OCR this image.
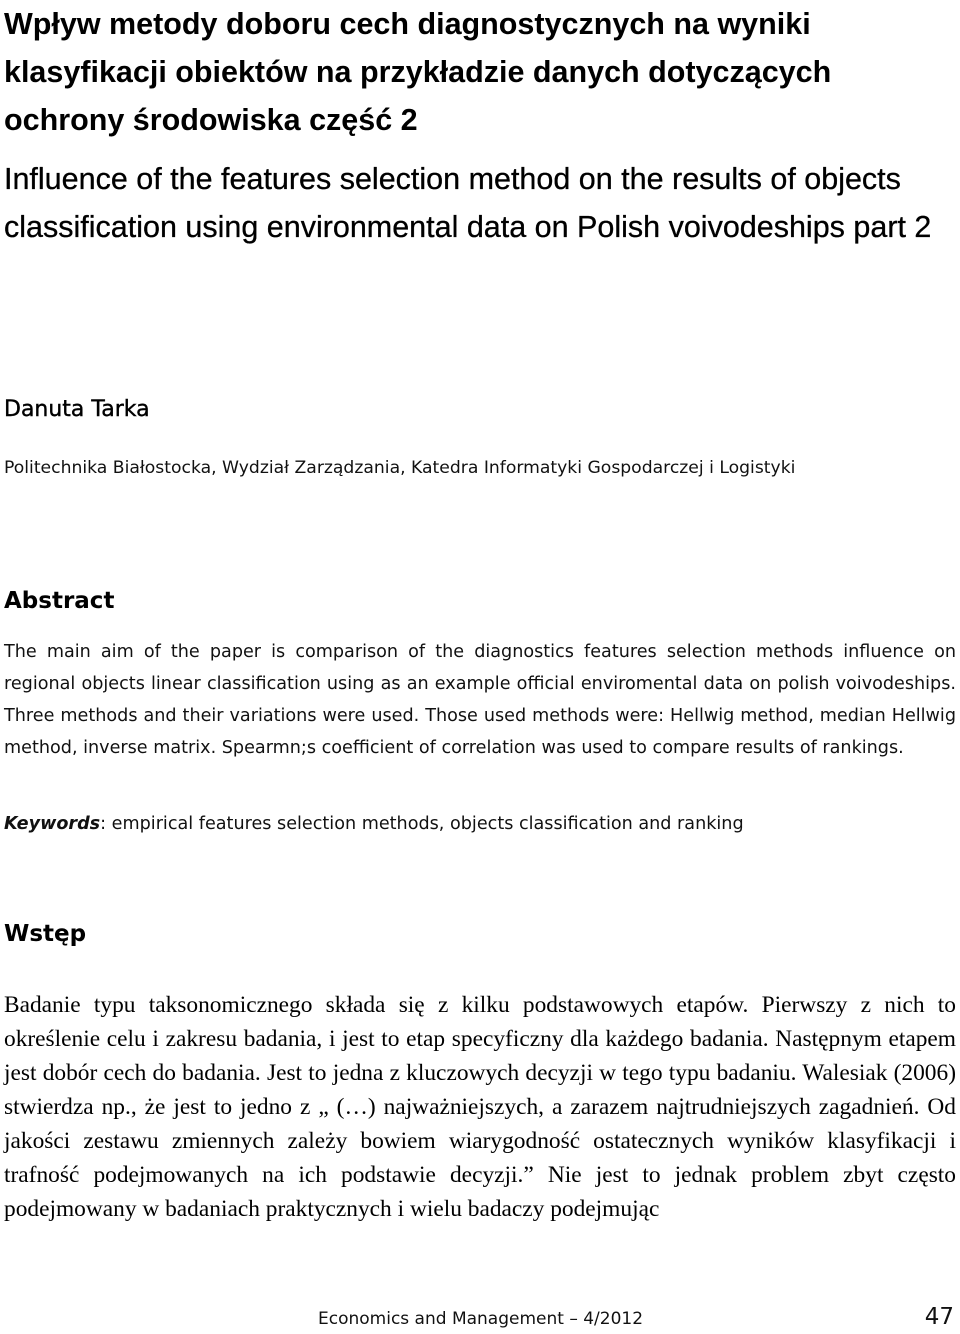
Wpływ metody doboru cech diagnostycznych na wyniki klasyfikacji obiektów na przykładzie danych dotyczących ochrony środowiska część 2
Influence of the features selection method on the results of objects classification using environmental data on Polish voivodeships part 2

Danuta Tarka

Politechnika Białostocka, Wydział Zarządzania, Katedra Informatyki Gospodarczej i Logistyki

Abstract

The main aim of the paper is comparison of the diagnostics features selection methods influence on regional objects linear classification using as an example official enviromental data on polish voivodeships. Three methods and their variations were used. Those used methods were: Hellwig method, median Hellwig method, inverse matrix. Spearmn;s coefficient of correlation was used to compare results of rankings.

Keywords: empirical features selection methods, objects classification and ranking

Wstęp

Badanie typu taksonomicznego składa się z kilku podstawowych etapów. Pierwszy z nich to określenie celu i zakresu badania, i jest to etap specyficzny dla każdego badania. Następnym etapem jest dobór cech do badania. Jest to jedna z kluczowych decyzji w tego typu badaniu. Walesiak (2006) stwierdza np., że jest to jedno z „ (…) najważniejszych, a zarazem najtrudniejszych zagadnień. Od jakości zestawu zmiennych zależy bowiem wiarygodność ostatecznych wyników klasyfikacji i trafność podejmowanych na ich podstawie decyzji.” Nie jest to jednak problem zbyt często podejmowany w badaniach praktycznych i wielu badaczy podejmując

Economics and Management – 4/2012	47
